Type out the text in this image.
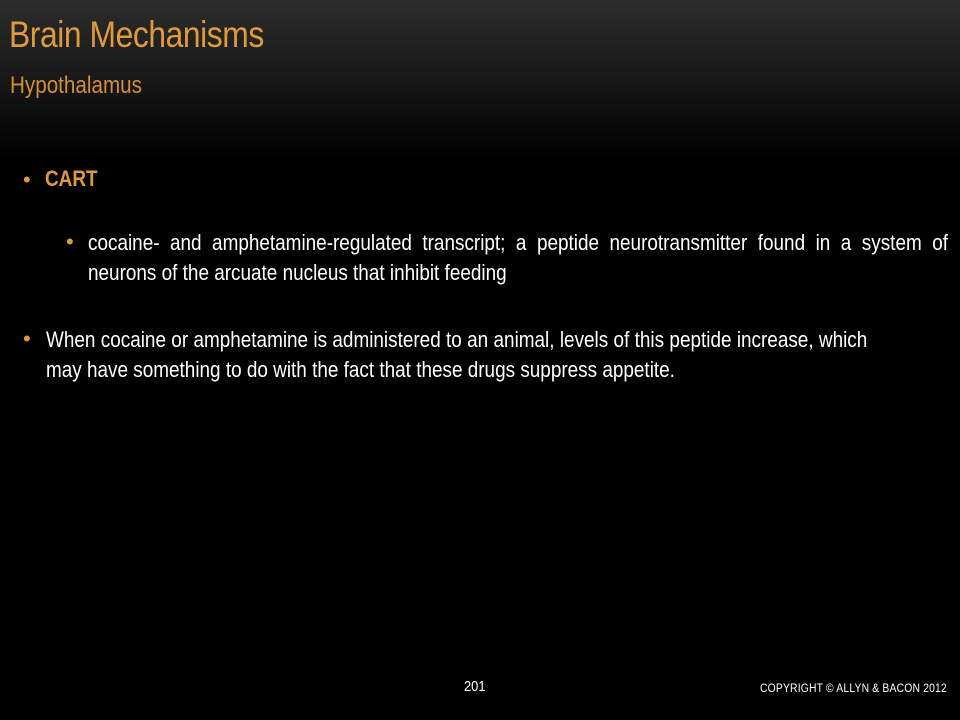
Brain Mechanisms
Hypothalamus
• CART
• cocaine- and amphetamine-regulated transcript; a peptide neurotransmitter found in a system of neurons of the arcuate nucleus that inhibit feeding
• When cocaine or amphetamine is administered to an animal, levels of this peptide increase, which may have something to do with the fact that these drugs suppress appetite.
201	COPYRIGHT © ALLYN & BACON 2012
